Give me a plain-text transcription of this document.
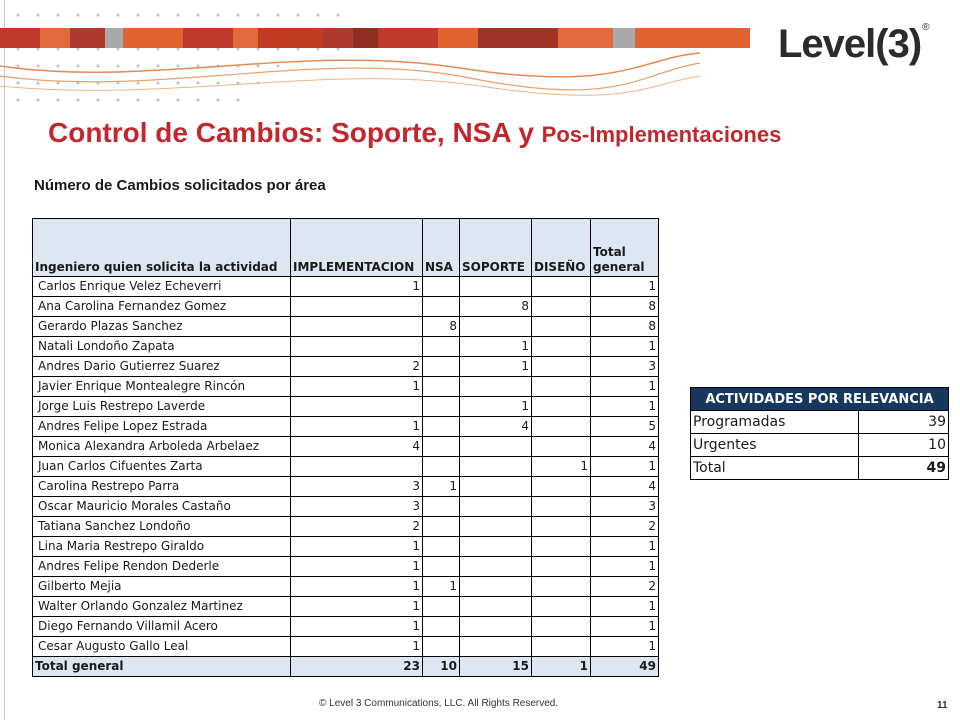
Level(3)®
Control de Cambios: Soporte, NSA y Pos-Implementaciones
Número de Cambios solicitados por área
Ingeniero quien solicita la actividad	IMPLEMENTACION	NSA	SOPORTE	DISEÑO	Total general
Carlos Enrique Velez Echeverri	1				1
Ana Carolina Fernandez Gomez			8		8
Gerardo Plazas Sanchez		8			8
Natali Londoño Zapata			1		1
Andres Dario Gutierrez Suarez	2		1		3
Javier Enrique Montealegre Rincón	1				1
Jorge Luis Restrepo Laverde			1		1
Andres Felipe Lopez Estrada	1		4		5
Monica Alexandra Arboleda Arbelaez	4				4
Juan Carlos Cifuentes Zarta				1	1
Carolina Restrepo Parra	3	1			4
Oscar Mauricio Morales Castaño	3				3
Tatiana Sanchez Londoño	2				2
Lina Maria Restrepo Giraldo	1				1
Andres Felipe Rendon Dederle	1				1
Gilberto Mejia	1	1			2
Walter Orlando Gonzalez Martinez	1				1
Diego Fernando Villamil Acero	1				1
Cesar Augusto Gallo Leal	1				1
Total general	23	10	15	1	49
ACTIVIDADES POR RELEVANCIA	
Programadas	39
Urgentes	10
Total	49
© Level 3 Communications, LLC. All Rights Reserved.	11
